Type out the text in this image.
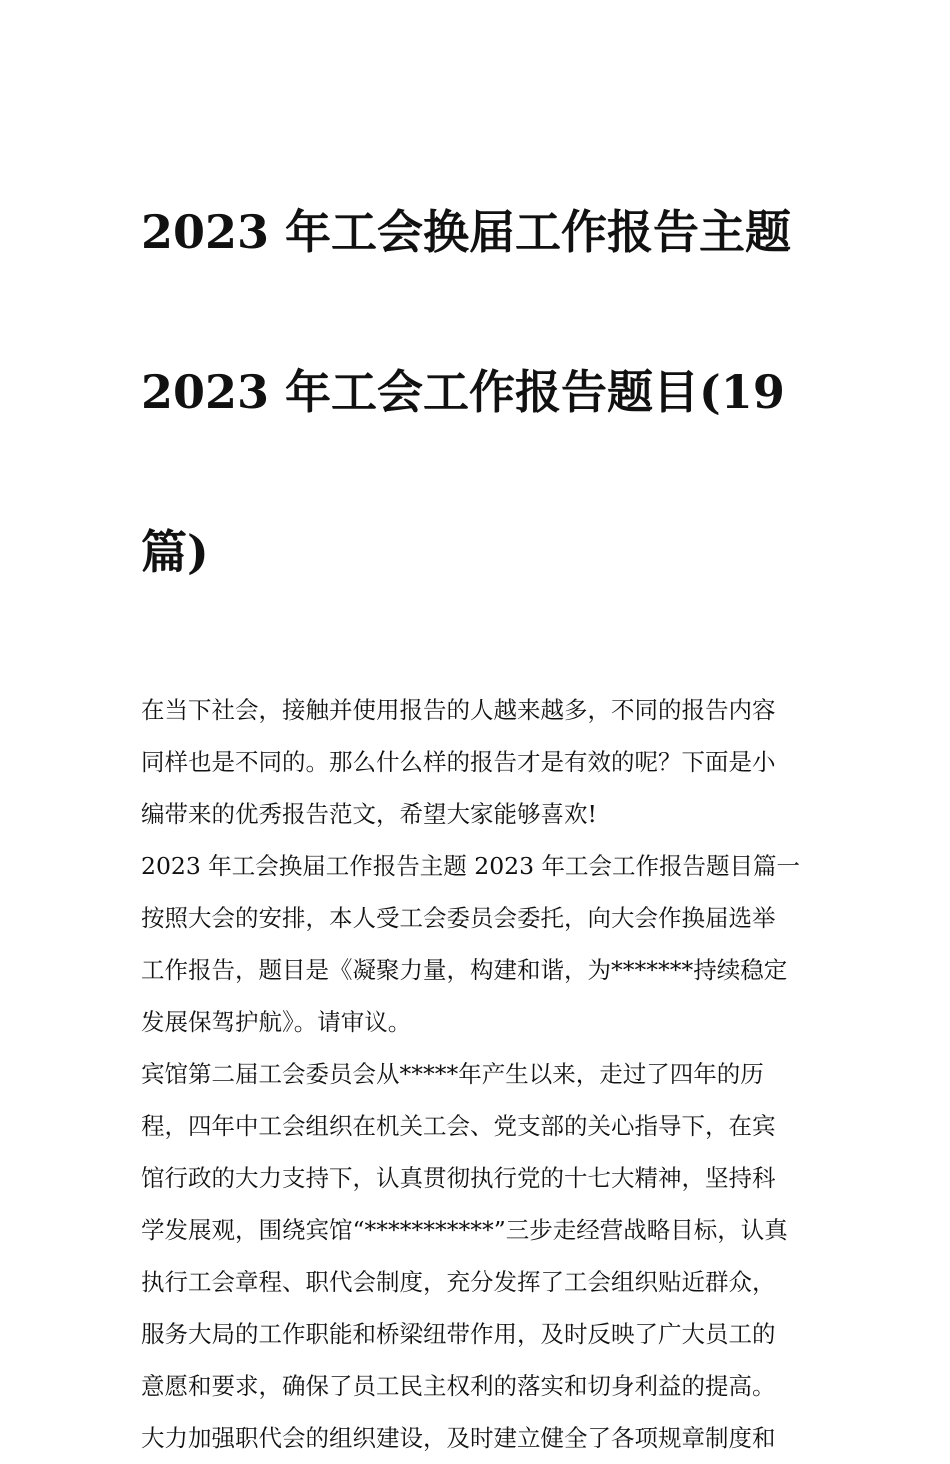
2023 年工会换届工作报告主题

2023 年工会工作报告题目(19

篇)

在当下社会，接触并使用报告的人越来越多，不同的报告内容
同样也是不同的。那么什么样的报告才是有效的呢？下面是小
编带来的优秀报告范文，希望大家能够喜欢!

2023 年工会换届工作报告主题 2023 年工会工作报告题目篇一

按照大会的安排，本人受工会委员会委托，向大会作换届选举
工作报告，题目是《凝聚力量，构建和谐，为*******持续稳定
发展保驾护航》。请审议。

宾馆第二届工会委员会从*****年产生以来，走过了四年的历
程，四年中工会组织在机关工会、党支部的关心指导下，在宾
馆行政的大力支持下，认真贯彻执行党的十七大精神，坚持科
学发展观，围绕宾馆“***********”三步走经营战略目标，认真
执行工会章程、职代会制度，充分发挥了工会组织贴近群众，
服务大局的工作职能和桥梁纽带作用，及时反映了广大员工的
意愿和要求，确保了员工民主权利的落实和切身利益的提高。
大力加强职代会的组织建设，及时建立健全了各项规章制度和
